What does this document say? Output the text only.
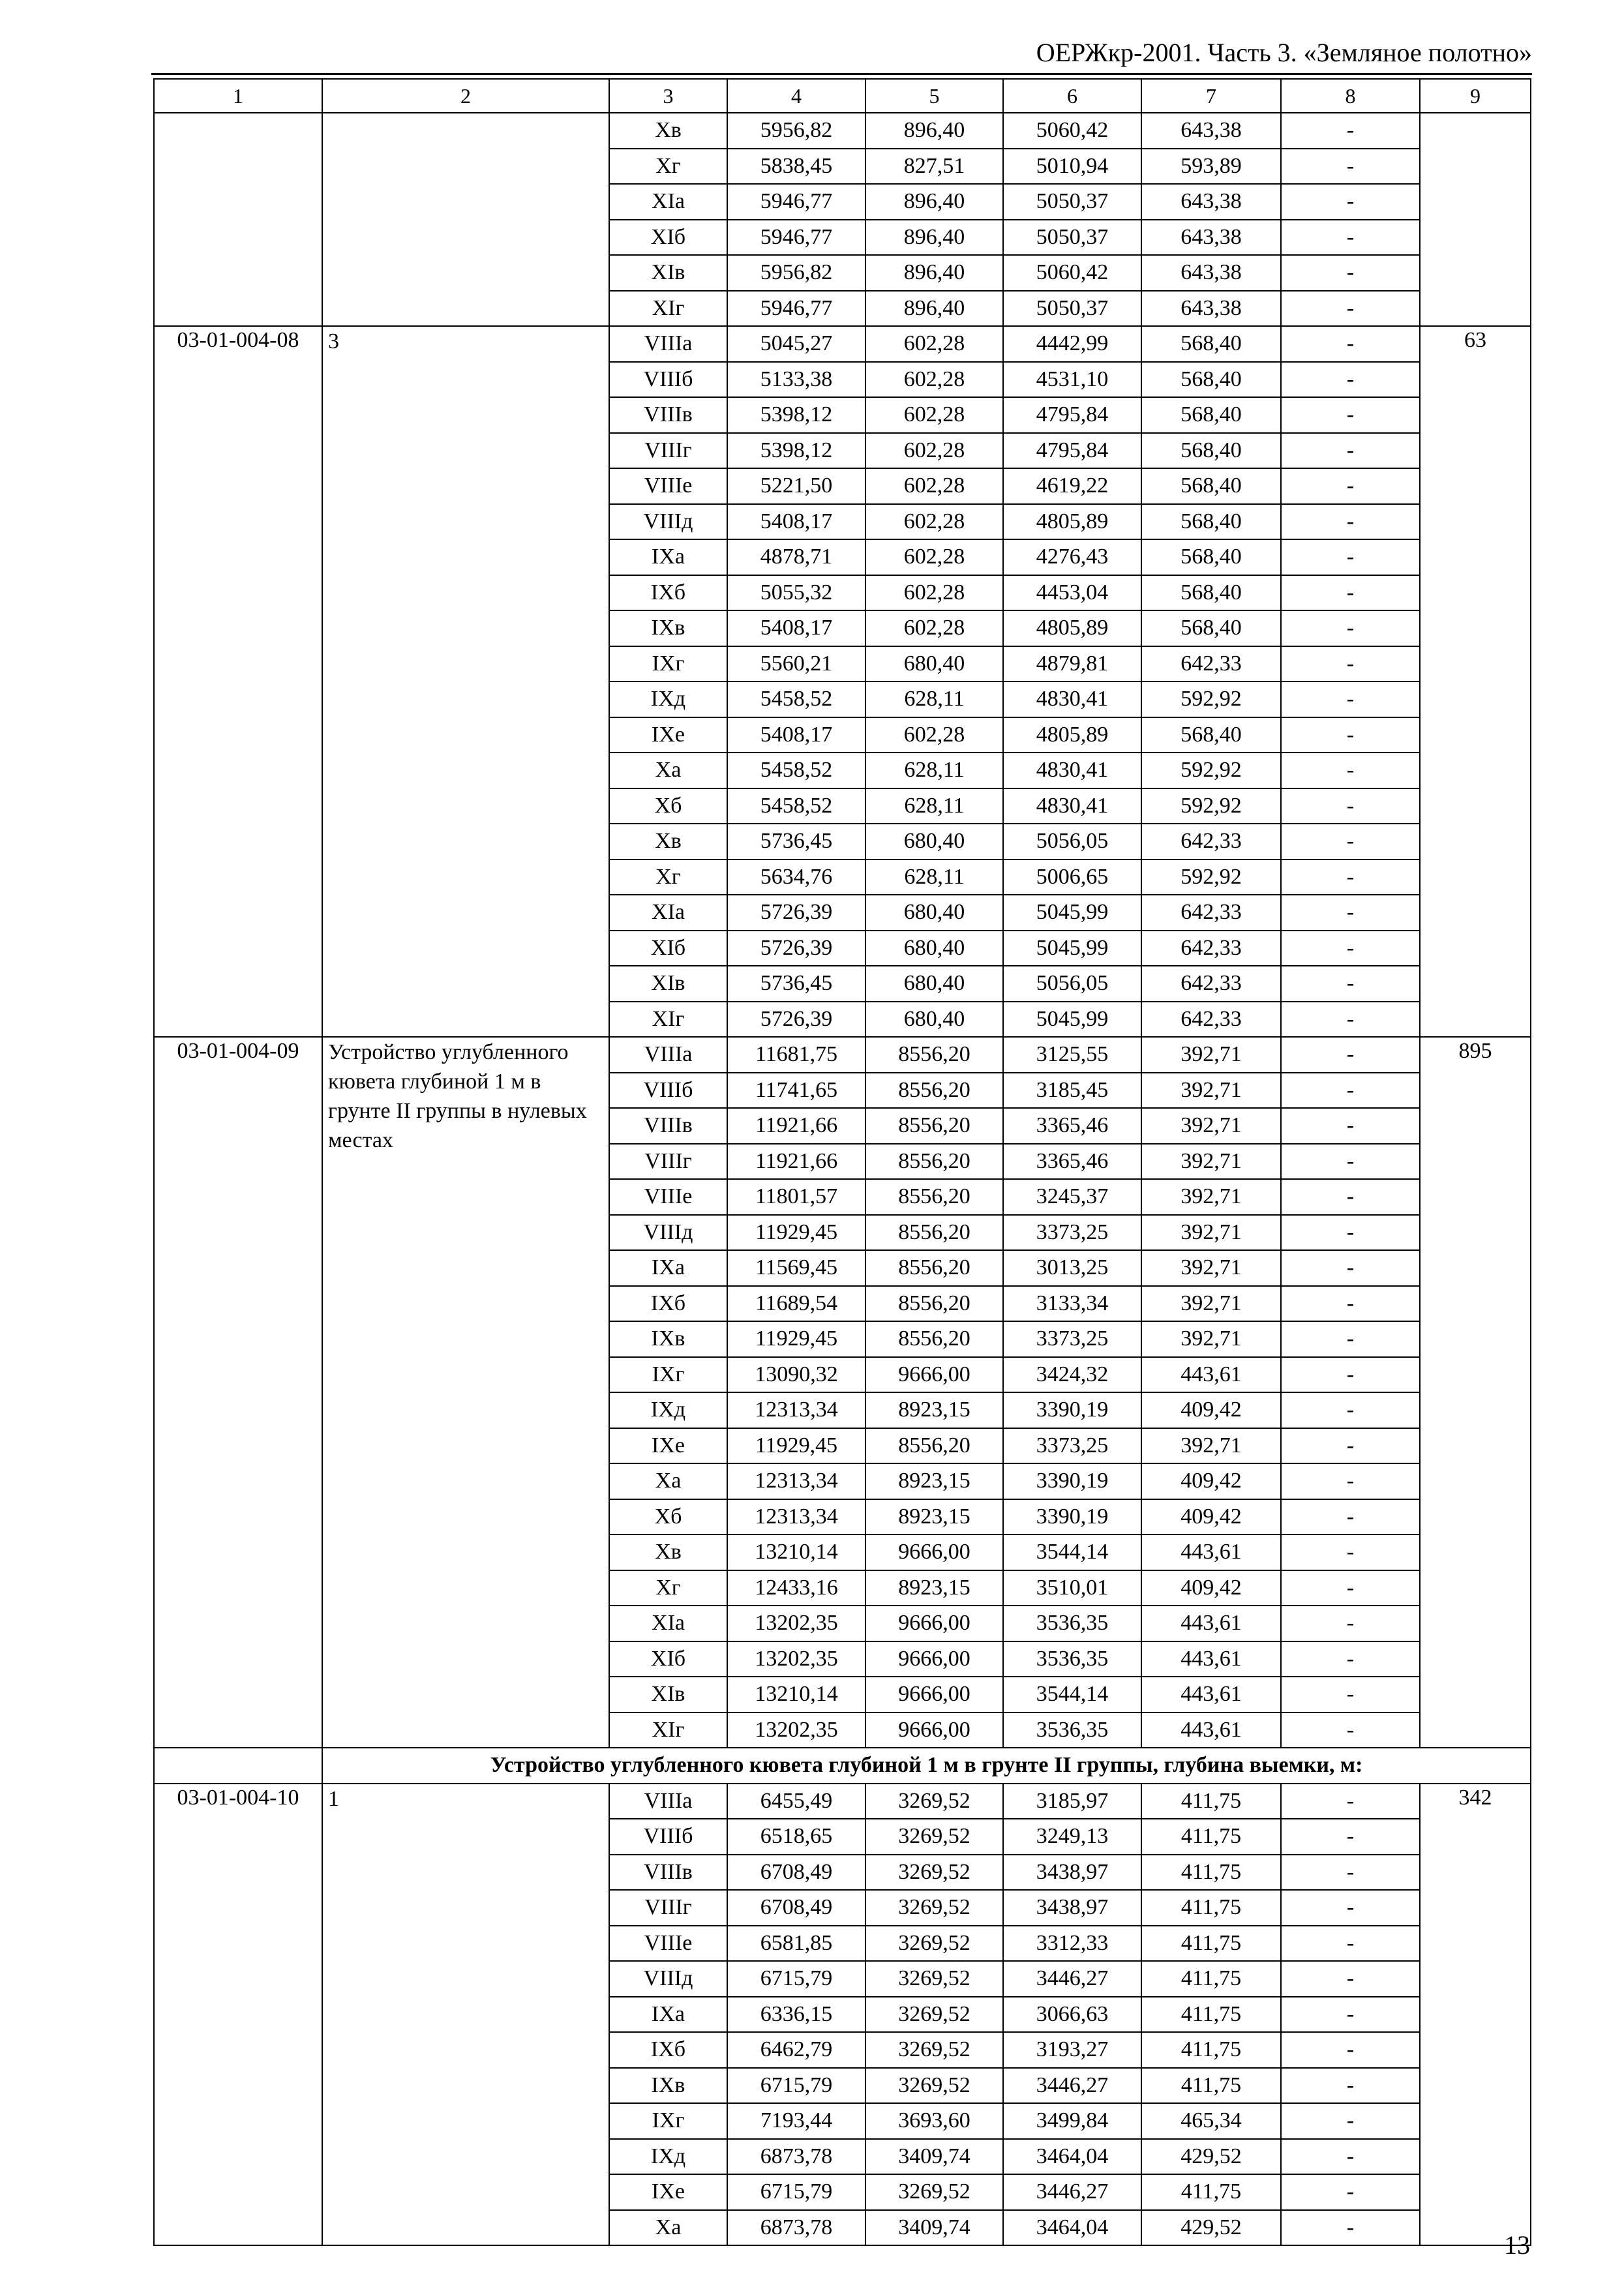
ОЕРЖкр-2001. Часть 3. «Земляное полотно»
1	2	3	4	5	6	7	8	9
		Xв	5956,82	896,40	5060,42	643,38	-	
		Xг	5838,45	827,51	5010,94	593,89	-	
		XIа	5946,77	896,40	5050,37	643,38	-	
		XIб	5946,77	896,40	5050,37	643,38	-	
		XIв	5956,82	896,40	5060,42	643,38	-	
		XIг	5946,77	896,40	5050,37	643,38	-	
03-01-004-08	3	VIIIа	5045,27	602,28	4442,99	568,40	-	63
		VIIIб	5133,38	602,28	4531,10	568,40	-	
		VIIIв	5398,12	602,28	4795,84	568,40	-	
		VIIIг	5398,12	602,28	4795,84	568,40	-	
		VIIIе	5221,50	602,28	4619,22	568,40	-	
		VIIIд	5408,17	602,28	4805,89	568,40	-	
		IXа	4878,71	602,28	4276,43	568,40	-	
		IXб	5055,32	602,28	4453,04	568,40	-	
		IXв	5408,17	602,28	4805,89	568,40	-	
		IXг	5560,21	680,40	4879,81	642,33	-	
		IXд	5458,52	628,11	4830,41	592,92	-	
		IXе	5408,17	602,28	4805,89	568,40	-	
		Xа	5458,52	628,11	4830,41	592,92	-	
		Xб	5458,52	628,11	4830,41	592,92	-	
		Xв	5736,45	680,40	5056,05	642,33	-	
		Xг	5634,76	628,11	5006,65	592,92	-	
		XIа	5726,39	680,40	5045,99	642,33	-	
		XIб	5726,39	680,40	5045,99	642,33	-	
		XIв	5736,45	680,40	5056,05	642,33	-	
		XIг	5726,39	680,40	5045,99	642,33	-	
03-01-004-09	Устройство углубленного кювета глубиной 1 м в грунте II группы в нулевых местах	VIIIа	11681,75	8556,20	3125,55	392,71	-	895
		VIIIб	11741,65	8556,20	3185,45	392,71	-	
		VIIIв	11921,66	8556,20	3365,46	392,71	-	
		VIIIг	11921,66	8556,20	3365,46	392,71	-	
		VIIIе	11801,57	8556,20	3245,37	392,71	-	
		VIIIд	11929,45	8556,20	3373,25	392,71	-	
		IXа	11569,45	8556,20	3013,25	392,71	-	
		IXб	11689,54	8556,20	3133,34	392,71	-	
		IXв	11929,45	8556,20	3373,25	392,71	-	
		IXг	13090,32	9666,00	3424,32	443,61	-	
		IXд	12313,34	8923,15	3390,19	409,42	-	
		IXе	11929,45	8556,20	3373,25	392,71	-	
		Xа	12313,34	8923,15	3390,19	409,42	-	
		Xб	12313,34	8923,15	3390,19	409,42	-	
		Xв	13210,14	9666,00	3544,14	443,61	-	
		Xг	12433,16	8923,15	3510,01	409,42	-	
		XIа	13202,35	9666,00	3536,35	443,61	-	
		XIб	13202,35	9666,00	3536,35	443,61	-	
		XIв	13210,14	9666,00	3544,14	443,61	-	
		XIг	13202,35	9666,00	3536,35	443,61	-	
	Устройство углубленного кювета глубиной 1 м в грунте II группы, глубина выемки, м:							
03-01-004-10	1	VIIIа	6455,49	3269,52	3185,97	411,75	-	342
		VIIIб	6518,65	3269,52	3249,13	411,75	-	
		VIIIв	6708,49	3269,52	3438,97	411,75	-	
		VIIIг	6708,49	3269,52	3438,97	411,75	-	
		VIIIе	6581,85	3269,52	3312,33	411,75	-	
		VIIIд	6715,79	3269,52	3446,27	411,75	-	
		IXа	6336,15	3269,52	3066,63	411,75	-	
		IXб	6462,79	3269,52	3193,27	411,75	-	
		IXв	6715,79	3269,52	3446,27	411,75	-	
		IXг	7193,44	3693,60	3499,84	465,34	-	
		IXд	6873,78	3409,74	3464,04	429,52	-	
		IXе	6715,79	3269,52	3446,27	411,75	-	
		Xа	6873,78	3409,74	3464,04	429,52	-	
13
